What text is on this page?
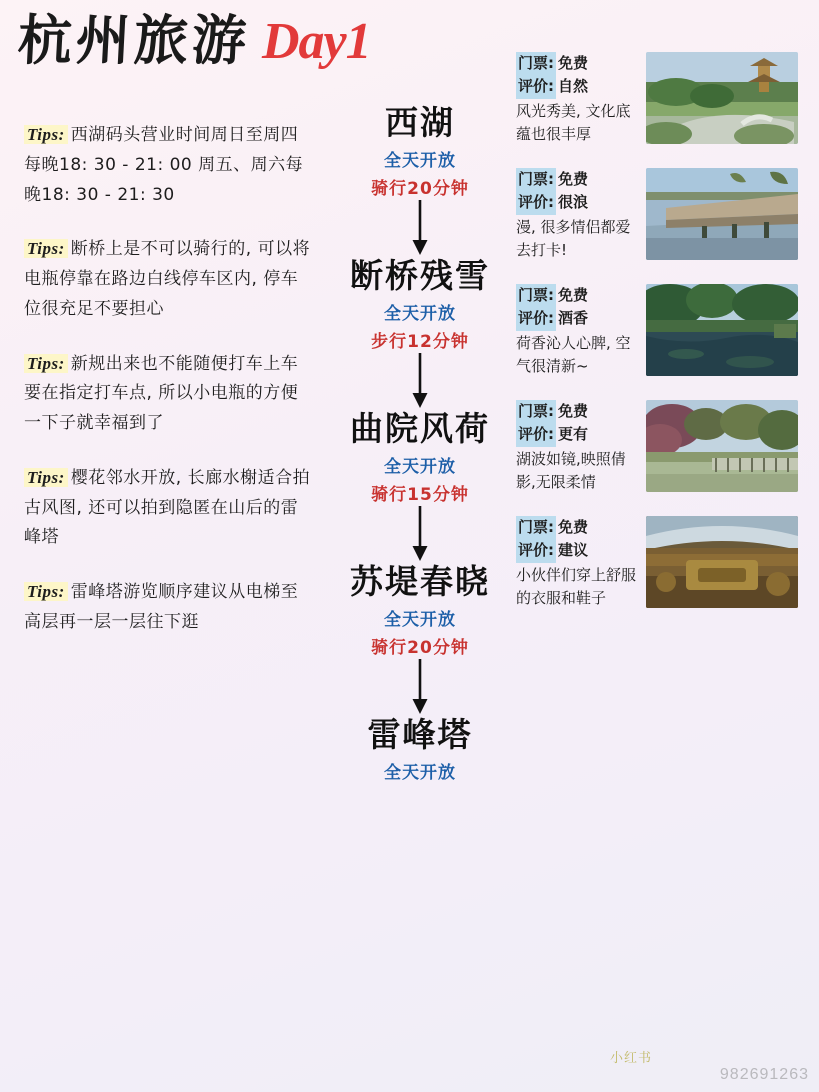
杭州旅游 Day1
Tips: 西湖码头营业时间周日至周四每晚18: 30 - 21: 00 周五、周六每晚18: 30 - 21: 30
Tips: 断桥上是不可以骑行的, 可以将电瓶停靠在路边白线停车区内, 停车位很充足不要担心
Tips: 新规出来也不能随便打车上车要在指定打车点, 所以小电瓶的方便一下子就幸福到了
Tips: 樱花邻水开放, 长廊水榭适合拍古风图, 还可以拍到隐匿在山后的雷峰塔
Tips: 雷峰塔游览顺序建议从电梯至高层再一层一层往下逛
西湖
全天开放
骑行20分钟
断桥残雪
全天开放
步行12分钟
曲院风荷
全天开放
骑行15分钟
苏堤春晓
全天开放
骑行20分钟
雷峰塔
全天开放
门票: 免费
评价: 自然
风光秀美, 文化底蕴也很丰厚
门票: 免费
评价: 很浪
漫, 很多情侣都爱去打卡!
门票: 免费
评价: 酒香
荷香沁人心脾, 空气很清新~
门票: 免费
评价: 更有
湖波如镜,映照倩影,无限柔情
门票: 免费
评价: 建议
小伙伴们穿上舒服的衣服和鞋子
小红书
982691263
